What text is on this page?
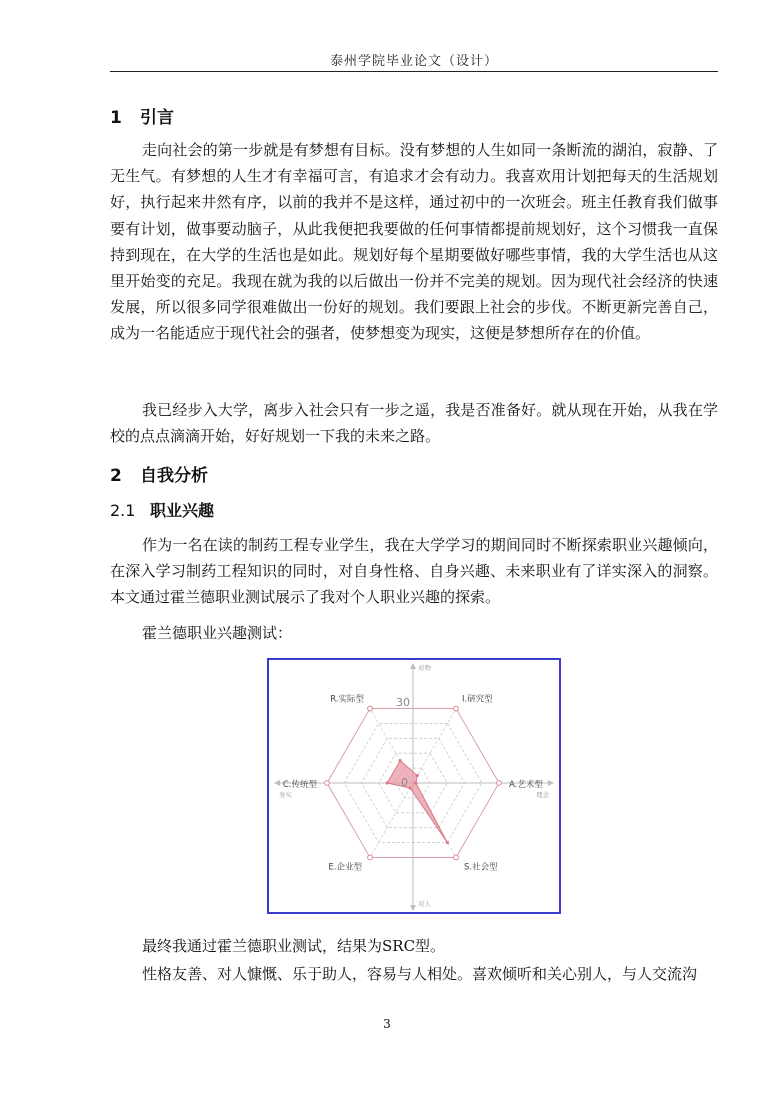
泰州学院毕业论文（设计）
1 引言

走向社会的第一步就是有梦想有目标。没有梦想的人生如同一条断流的湖泊，寂静、了无生气。有梦想的人生才有幸福可言，有追求才会有动力。我喜欢用计划把每天的生活规划好，执行起来井然有序，以前的我并不是这样，通过初中的一次班会。班主任教育我们做事要有计划，做事要动脑子，从此我便把我要做的任何事情都提前规划好，这个习惯我一直保持到现在，在大学的生活也是如此。规划好每个星期要做好哪些事情，我的大学生活也从这里开始变的充足。我现在就为我的以后做出一份并不完美的规划。因为现代社会经济的快速发展，所以很多同学很难做出一份好的规划。我们要跟上社会的步伐。不断更新完善自己，成为一名能适应于现代社会的强者，使梦想变为现实，这便是梦想所存在的价值。

我已经步入大学，离步入社会只有一步之遥，我是否准备好。就从现在开始，从我在学校的点点滴滴开始，好好规划一下我的未来之路。

2 自我分析
2.1 职业兴趣

作为一名在读的制药工程专业学生，我在大学学习的期间同时不断探索职业兴趣倾向，在深入学习制药工程知识的同时，对自身性格、自身兴趣、未来职业有了详实深入的洞察。本文通过霍兰德职业测试展示了我对个人职业兴趣的探索。

霍兰德职业兴趣测试：

0
30	I.研究型
A.艺术型
S.社会型
E.企业型
C.传统型
R.实际型
对物
理念
对人
务实

最终我通过霍兰德职业测试，结果为SRC型。

性格友善、对人慷慨、乐于助人，容易与人相处。喜欢倾听和关心别人，与人交流沟

3
